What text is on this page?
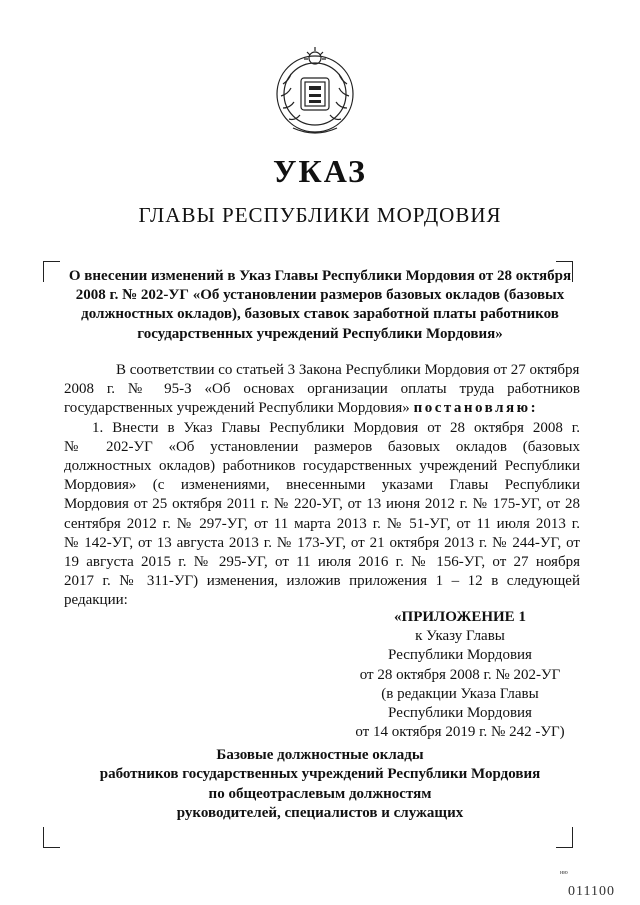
УКАЗ
ГЛАВЫ РЕСПУБЛИКИ МОРДОВИЯ
О внесении изменений в Указ Главы Республики Мордовия от 28 октября
2008 г. № 202-УГ «Об установлении размеров базовых окладов (базовых
должностных окладов), базовых ставок заработной платы работников
государственных учреждений Республики Мордовия»
В соответствии со статьей 3 Закона Республики Мордовия от 27 октября
2008 г. № 95-З «Об основах организации оплаты труда работников
государственных учреждений Республики Мордовия» постановляю:
1. Внести в Указ Главы Республики Мордовия от 28 октября 2008 г.
№ 202-УГ «Об установлении размеров базовых окладов (базовых
должностных окладов) работников государственных учреждений Республики
Мордовия» (с изменениями, внесенными указами Главы Республики
Мордовия от 25 октября 2011 г. № 220-УГ, от 13 июня 2012 г. № 175-УГ, от 28
сентября 2012 г. № 297-УГ, от 11 марта 2013 г. № 51-УГ, от 11 июля 2013 г.
№ 142-УГ, от 13 августа 2013 г. № 173-УГ, от 21 октября 2013 г. № 244-УГ, от
19 августа 2015 г. № 295-УГ, от 11 июля 2016 г. № 156-УГ, от 27 ноября
2017 г. № 311-УГ) изменения, изложив приложения 1 – 12 в следующей
редакции:
«ПРИЛОЖЕНИЕ 1
к Указу Главы
Республики Мордовия
от 28 октября 2008 г. № 202-УГ
(в редакции Указа Главы
Республики Мордовия
от 14 октября 2019 г. № 242 -УГ)
Базовые должностные оклады
работников государственных учреждений Республики Мордовия
по общеотраслевым должностям
руководителей, специалистов и служащих
ню
011100
